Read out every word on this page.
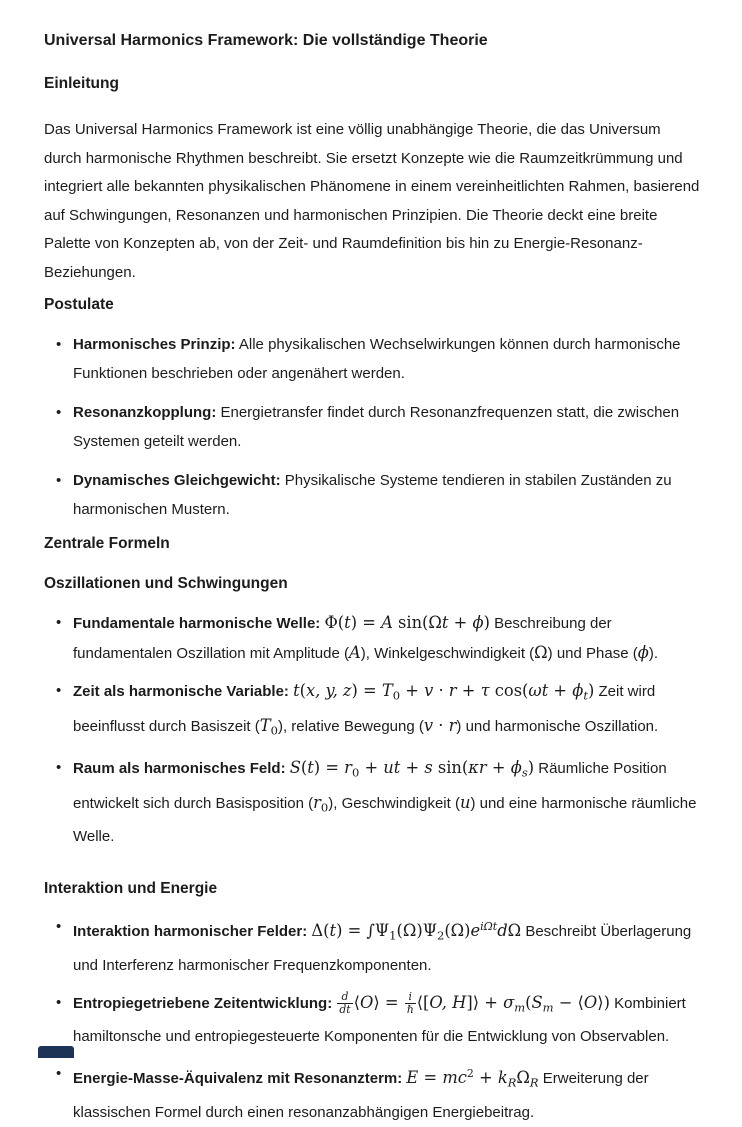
Universal Harmonics Framework: Die vollständige Theorie
Einleitung

Das Universal Harmonics Framework ist eine völlig unabhängige Theorie, die das Universum durch harmonische Rhythmen beschreibt. Sie ersetzt Konzepte wie die Raumzeitkrümmung und integriert alle bekannten physikalischen Phänomene in einem vereinheitlichten Rahmen, basierend auf Schwingungen, Resonanzen und harmonischen Prinzipien. Die Theorie deckt eine breite Palette von Konzepten ab, von der Zeit- und Raumdefinition bis hin zu Energie-Resonanz-Beziehungen.

Postulate
• Harmonisches Prinzip: Alle physikalischen Wechselwirkungen können durch harmonische Funktionen beschrieben oder angenähert werden.
• Resonanzkopplung: Energietransfer findet durch Resonanzfrequenzen statt, die zwischen Systemen geteilt werden.
• Dynamisches Gleichgewicht: Physikalische Systeme tendieren in stabilen Zuständen zu harmonischen Mustern.
Zentrale Formeln
Oszillationen und Schwingungen
• Fundamentale harmonische Welle: Φ(t) = A sin(Ωt + ϕ) Beschreibung der fundamentalen Oszillation mit Amplitude (A), Winkelgeschwindigkeit (Ω) und Phase (ϕ).
• Zeit als harmonische Variable: t(x, y, $z) = T_0 + v \cdot r + \tau$ $\cos(\omega t + \phi_t)$ Zeit wird beeinflusst durch Basiszeit $(T_0)$, relative Bewegung (v · r) und harmonische Oszillation.
• Raum als harmonisches Feld: $S(t) = r_0$ + ut + s $\sin(\kappa r + \phi_s)$ Räumliche Position entwickelt sich durch Basisposition $(r_0)$, Geschwindigkeit (u) und eine harmonische räumliche Welle.
Interaktion und Energie
• Interaktion harmonischer Felder: $\Delta(t) = \int\Psi_1(\Omega)\Psi_2(\Omega)e^{i\Omega t}d\Omega$ Beschreibt Überlagerung und Interferenz harmonischer Frequenzkomponenten.
• Entropiegetriebene Zeitentwicklung: $\frac{d}{dt}$ ⟨O⟩ = $\frac{i}{\text{ℏ}}$ ⟨[O, H]⟩ + $\sigma_m(S_m$ − ⟨O⟩) Kombiniert hamiltonsche und entropiegesteuerte Komponenten für die Entwicklung von Observablen.
• Energie-Masse-Äquivalenz mit Resonanzterm: $E = mc^2 + k_R\Omega_R$ Erweiterung der klassischen Formel durch einen resonanzabhängigen Energiebeitrag.
